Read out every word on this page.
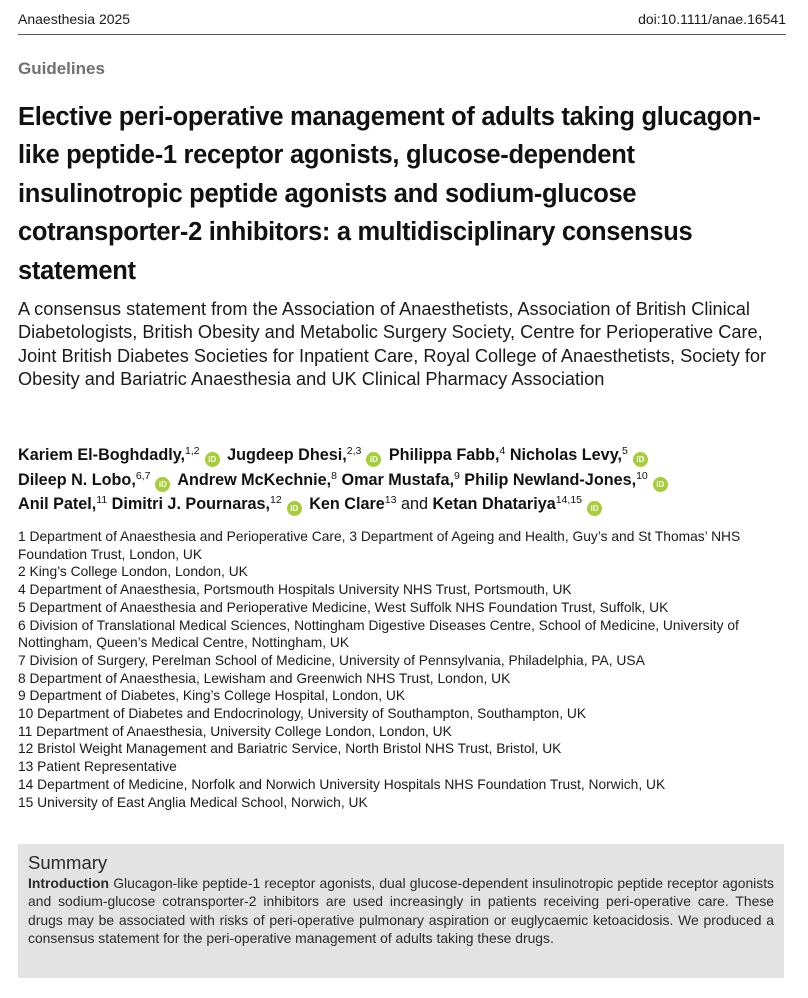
Anaesthesia 2025	doi:10.1111/anae.16541
Guidelines
Elective peri-operative management of adults taking glucagon-like peptide-1 receptor agonists, glucose-dependent insulinotropic peptide agonists and sodium-glucose cotransporter-2 inhibitors: a multidisciplinary consensus statement

A consensus statement from the Association of Anaesthetists, Association of British Clinical Diabetologists, British Obesity and Metabolic Surgery Society, Centre for Perioperative Care, Joint British Diabetes Societies for Inpatient Care, Royal College of Anaesthetists, Society for Obesity and Bariatric Anaesthesia and UK Clinical Pharmacy Association

Kariem El-Boghdadly,$^{1,2}$iD Jugdeep Dhesi,$^{2,3}$iD Philippa Fabb,$^4$ Nicholas Levy,$^5$iD
Dileep N. Lobo,$^{6,7}$iD Andrew McKechnie,$^8$ Omar Mustafa,$^9$ Philip Newland-Jones,$^{10}$iD
Anil Patel,$^{11}$ Dimitri J. Pournaras,$^{12}$iD Ken Clare$^{13}$ and Ketan Dhatariya$^{14,15}$iD
1 Department of Anaesthesia and Perioperative Care, 3 Department of Ageing and Health, Guy’s and St Thomas’ NHS Foundation Trust, London, UK
2 King’s College London, London, UK
4 Department of Anaesthesia, Portsmouth Hospitals University NHS Trust, Portsmouth, UK
5 Department of Anaesthesia and Perioperative Medicine, West Suffolk NHS Foundation Trust, Suffolk, UK
6 Division of Translational Medical Sciences, Nottingham Digestive Diseases Centre, School of Medicine, University of Nottingham, Queen’s Medical Centre, Nottingham, UK
7 Division of Surgery, Perelman School of Medicine, University of Pennsylvania, Philadelphia, PA, USA
8 Department of Anaesthesia, Lewisham and Greenwich NHS Trust, London, UK
9 Department of Diabetes, King’s College Hospital, London, UK
10 Department of Diabetes and Endocrinology, University of Southampton, Southampton, UK
11 Department of Anaesthesia, University College London, London, UK
12 Bristol Weight Management and Bariatric Service, North Bristol NHS Trust, Bristol, UK
13 Patient Representative
14 Department of Medicine, Norfolk and Norwich University Hospitals NHS Foundation Trust, Norwich, UK
15 University of East Anglia Medical School, Norwich, UK
Summary
Introduction Glucagon-like peptide-1 receptor agonists, dual glucose-dependent insulinotropic peptide receptor agonists and sodium-glucose cotransporter-2 inhibitors are used increasingly in patients receiving peri-operative care. These drugs may be associated with risks of peri-operative pulmonary aspiration or euglycaemic ketoacidosis. We produced a consensus statement for the peri-operative management of adults taking these drugs.
